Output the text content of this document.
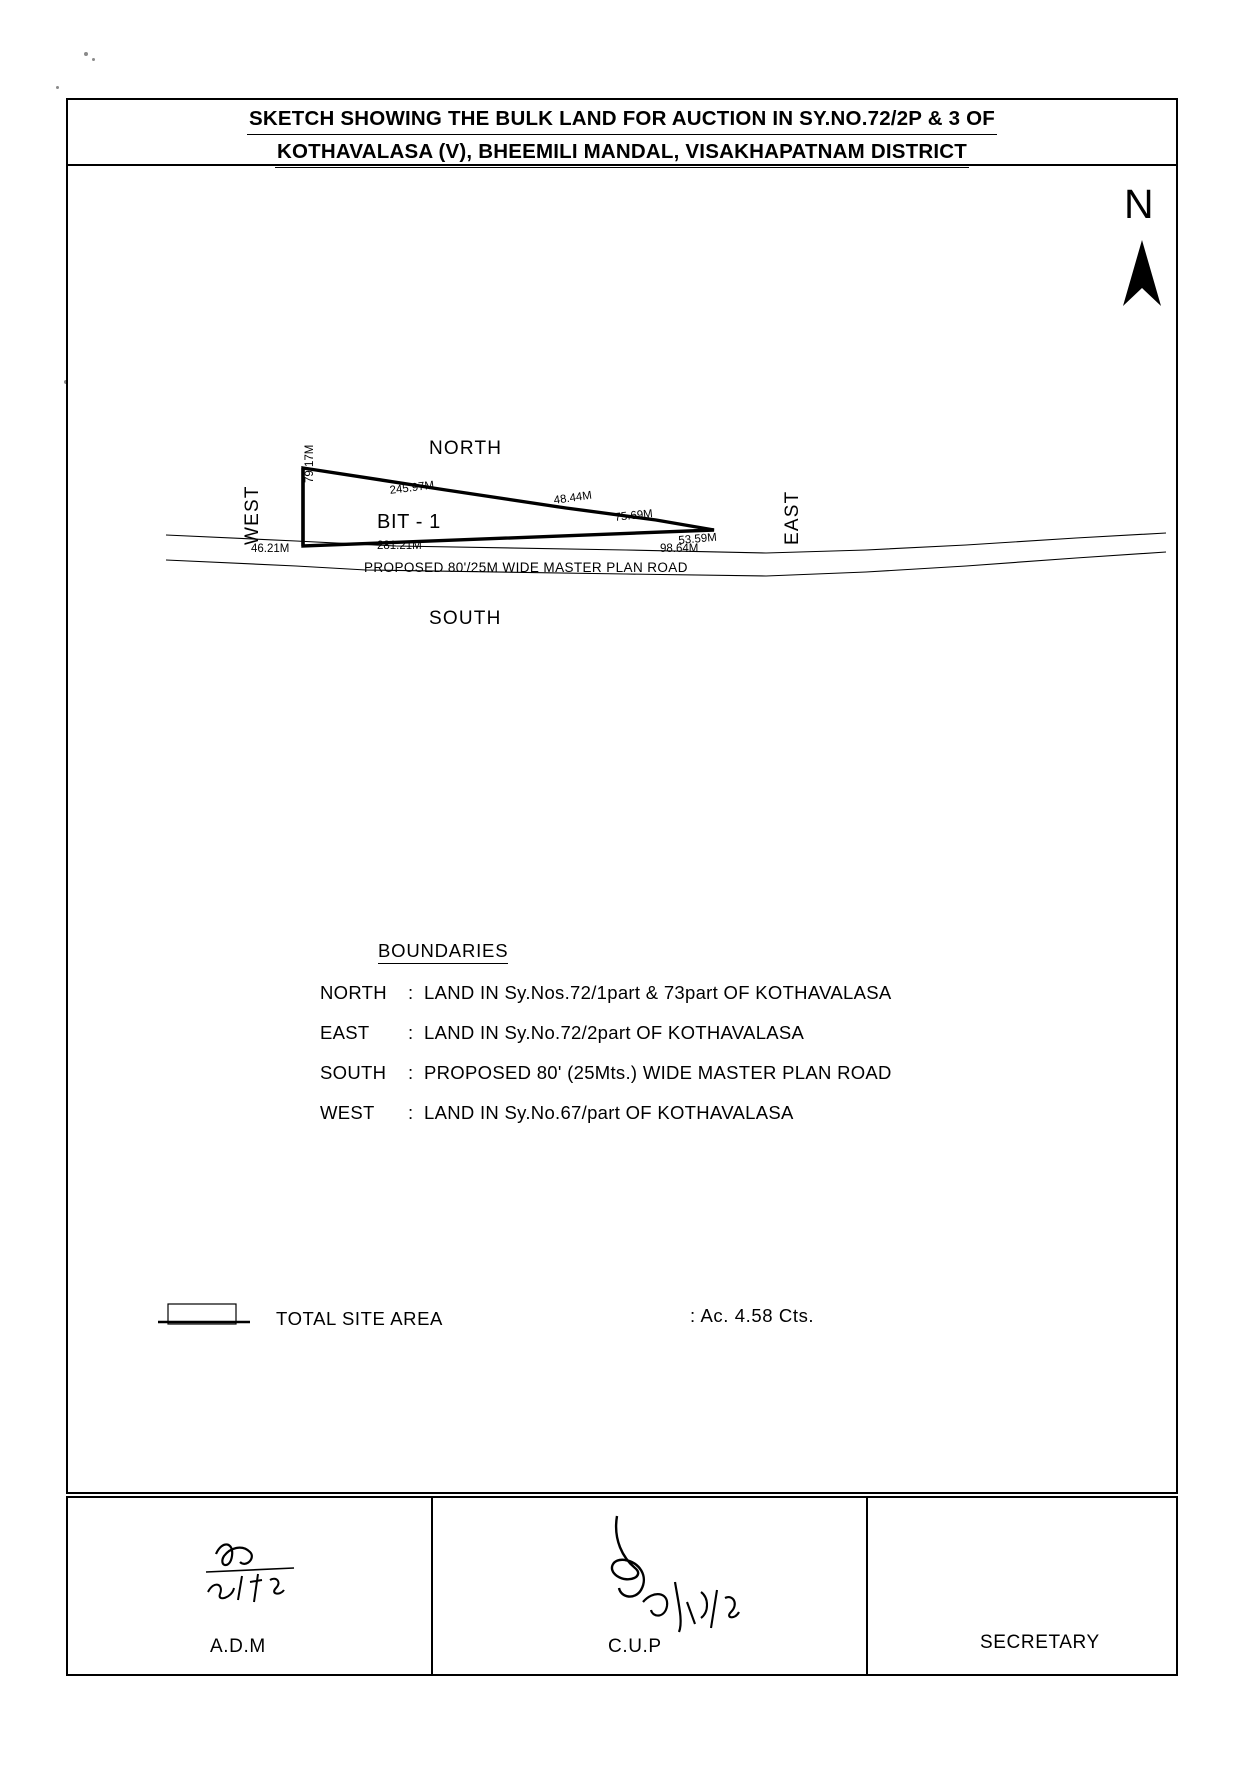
SKETCH SHOWING THE BULK LAND FOR AUCTION IN SY.NO.72/2P & 3 OF KOTHAVALASA (V), BHEEMILI MANDAL, VISAKHAPATNAM DISTRICT
N
NORTH
SOUTH
EAST
WEST	BIT - 1
PROPOSED 80'/25M WIDE MASTER PLAN ROAD
79.17M
245.97M
48.44M
75.69M
53.59M
46.21M	281.21M	98.64M
BOUNDARIES
NORTH	: LAND IN Sy.Nos.72/1part & 73part OF KOTHAVALASA
EAST	: LAND IN Sy.No.72/2part OF KOTHAVALASA
SOUTH	: PROPOSED 80' (25Mts.) WIDE MASTER PLAN ROAD
WEST	: LAND IN Sy.No.67/part OF KOTHAVALASA
TOTAL SITE AREA	: Ac. 4.58 Cts.
A.D.M	C.U.P	SECRETARY
